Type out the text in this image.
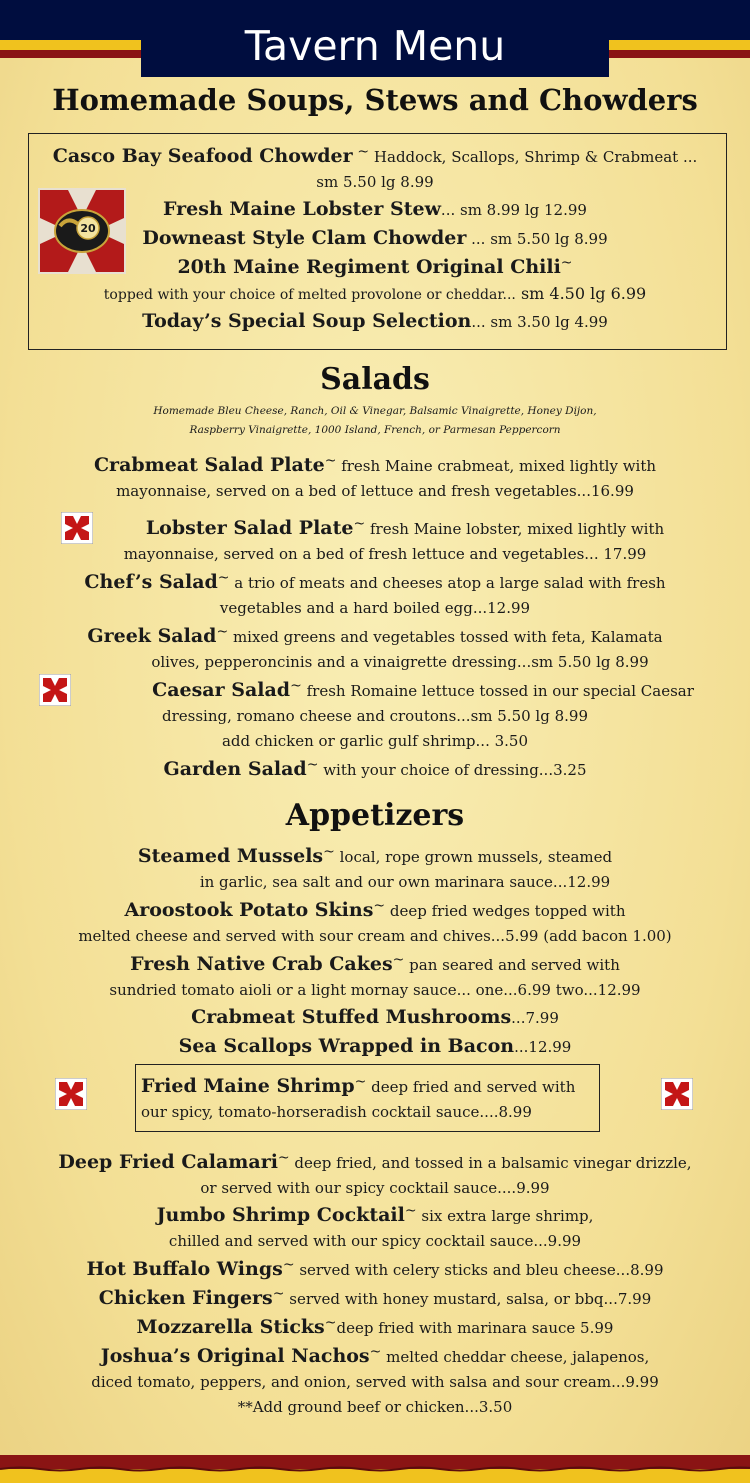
Tavern Menu
Homemade Soups, Stews and Chowders
Casco Bay Seafood Chowder ~ Haddock, Scallops, Shrimp & Crabmeat ...
sm 5.50 lg 8.99
20
Fresh Maine Lobster Stew... sm 8.99 lg 12.99
Downeast Style Clam Chowder ... sm 5.50 lg 8.99
20th Maine Regiment Original Chili~
topped with your choice of melted provolone or cheddar... sm 4.50 lg 6.99
Today’s Special Soup Selection... sm 3.50 lg 4.99
Salads
Homemade Bleu Cheese, Ranch, Oil & Vinegar, Balsamic Vinaigrette, Honey Dijon,
Raspberry Vinaigrette, 1000 Island, French, or Parmesan Peppercorn
Crabmeat Salad Plate~ fresh Maine crabmeat, mixed lightly with
mayonnaise, served on a bed of lettuce and fresh vegetables...16.99
Lobster Salad Plate~ fresh Maine lobster, mixed lightly with
mayonnaise, served on a bed of fresh lettuce and vegetables... 17.99
Chef’s Salad~ a trio of meats and cheeses atop a large salad with fresh
vegetables and a hard boiled egg...12.99
Greek Salad~ mixed greens and vegetables tossed with feta, Kalamata
olives, pepperoncinis and a vinaigrette dressing...sm 5.50 lg 8.99
Caesar Salad~ fresh Romaine lettuce tossed in our special Caesar
dressing, romano cheese and croutons...sm 5.50 lg 8.99
add chicken or garlic gulf shrimp... 3.50
Garden Salad~ with your choice of dressing...3.25
Appetizers
Steamed Mussels~ local, rope grown mussels, steamed
in garlic, sea salt and our own marinara sauce...12.99
Aroostook Potato Skins~ deep fried wedges topped with
melted cheese and served with sour cream and chives...5.99 (add bacon 1.00)
Fresh Native Crab Cakes~ pan seared and served with
sundried tomato aioli or a light mornay sauce... one...6.99 two...12.99
Crabmeat Stuffed Mushrooms...7.99
Sea Scallops Wrapped in Bacon...12.99
Fried Maine Shrimp~ deep fried and served with
our spicy, tomato-horseradish cocktail sauce....8.99
Deep Fried Calamari~ deep fried, and tossed in a balsamic vinegar drizzle,
or served with our spicy cocktail sauce....9.99
Jumbo Shrimp Cocktail~ six extra large shrimp,
chilled and served with our spicy cocktail sauce...9.99
Hot Buffalo Wings~ served with celery sticks and bleu cheese...8.99
Chicken Fingers~ served with honey mustard, salsa, or bbq...7.99
Mozzarella Sticks~deep fried with marinara sauce 5.99
Joshua’s Original Nachos~ melted cheddar cheese, jalapenos,
diced tomato, peppers, and onion, served with salsa and sour cream...9.99
**Add ground beef or chicken...3.50
